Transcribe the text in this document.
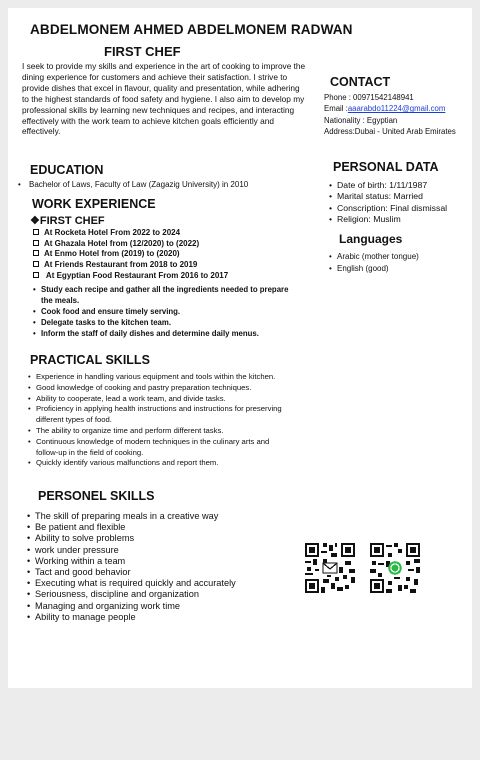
ABDELMONEM AHMED ABDELMONEM RADWAN
FIRST CHEF
I seek to provide my skills and experience in the art of cooking to improve the dining experience for customers and achieve their satisfaction. I strive to provide dishes that excel in flavour, quality and presentation, while adhering to the highest standards of food safety and hygiene. I also aim to develop my professional skills by learning new techniques and recipes, and interacting effectively with the work team to achieve kitchen goals efficiently and effectively.
EDUCATION
• Bachelor of Laws, Faculty of Law (Zagazig University) in 2010
WORK EXPERIENCE
❖FIRST CHEF
At Rocketa Hotel From 2022 to 2024
At Ghazala Hotel from (12/2020) to (2022)
At Enmo Hotel from (2019) to (2020)
At Friends Restaurant from 2018 to 2019
At Egyptian Food Restaurant From 2016 to 2017
• Study each recipe and gather all the ingredients needed to prepare the meals.
• Cook food and ensure timely serving.
• Delegate tasks to the kitchen team.
• Inform the staff of daily dishes and determine daily menus.
PRACTICAL SKILLS
• Experience in handling various equipment and tools within the kitchen.
• Good knowledge of cooking and pastry preparation techniques.
• Ability to cooperate, lead a work team, and divide tasks.
• Proficiency in applying health instructions and instructions for preserving different types of food.
• The ability to organize time and perform different tasks.
• Continuous knowledge of modern techniques in the culinary arts and follow-up in the field of cooking.
• Quickly identify various malfunctions and report them.
PERSONEL SKILLS
• The skill of preparing meals in a creative way
• Be patient and flexible
• Ability to solve problems
• work under pressure
• Working within a team
• Tact and good behavior
• Executing what is required quickly and accurately
• Seriousness, discipline and organization
• Managing and organizing work time
• Ability to manage people
CONTACT
Phone : 00971542148941
Email :aaarabdo11224@gmail.com
Nationality : Egyptian
Address:Dubai - United Arab Emirates
PERSONAL DATA
• Date of birth: 1/11/1987
• Marital status: Married
• Conscription: Final dismissal
• Religion: Muslim
Languages
• Arabic (mother tongue)
• English (good)
